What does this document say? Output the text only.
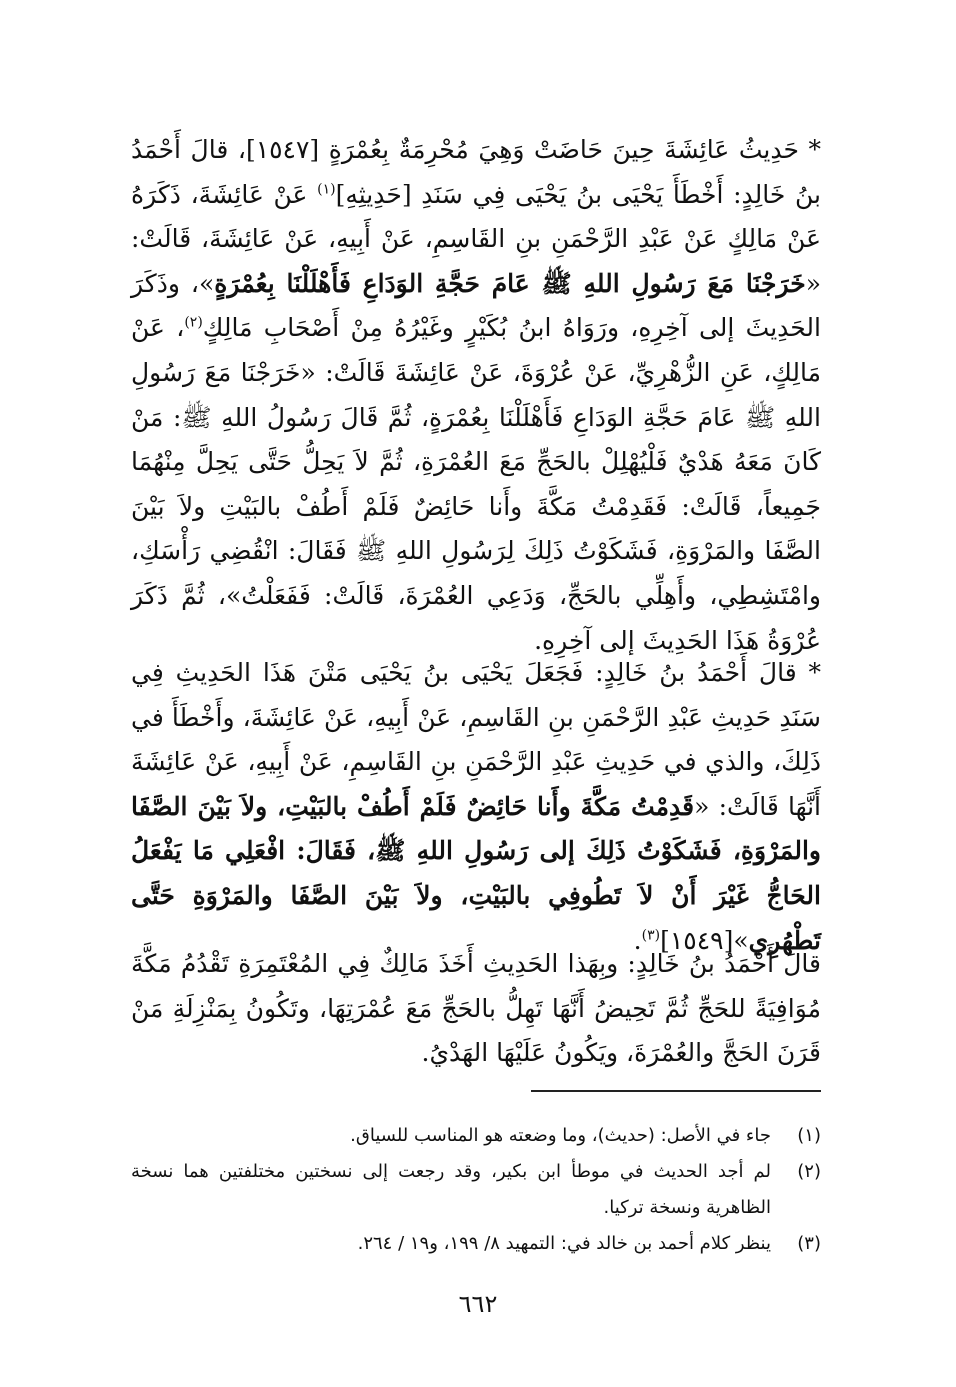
* حَدِيثُ عَائِشَةَ حِينَ حَاضَتْ وَهِيَ مُحْرِمَةٌ بِعُمْرَةٍ [١٥٤٧]، قالَ أَحْمَدُ بنُ خَالِدٍ: أَخْطَأَ يَحْيَى بنُ يَحْيَى فِي سَنَدِ [حَدِيثِهِ]$^{(١)}$ عَنْ عَائِشَةَ، ذَكَرَهُ عَنْ مَالِكٍ عَنْ عَبْدِ الرَّحْمَنِ بنِ القَاسِمِ، عَنْ أَبِيهِ، عَنْ عَائِشَةَ، قَالَتْ: «خَرَجْنَا مَعَ رَسُولِ اللهِ ﷺ عَامَ حَجَّةِ الوَدَاعِ فَأَهْلَلْنَا بِعُمْرَةٍ»، وذَكَرَ الحَدِيثَ إلى آخِرِهِ، ورَوَاهُ ابنُ بُكَيْرٍ وغَيْرُهُ مِنْ أَصْحَابِ مَالِكٍ$^{(٢)}$، عَنْ مَالِكٍ، عَنِ الزُّهْرِيِّ، عَنْ عُرْوَةَ، عَنْ عَائِشَةَ قَالَتْ: «خَرَجْنَا مَعَ رَسُولِ اللهِ ﷺ عَامَ حَجَّةِ الوَدَاعِ فَأَهْلَلْنَا بِعُمْرَةٍ، ثُمَّ قَالَ رَسُولُ اللهِ ﷺ: مَنْ كَانَ مَعَهُ هَدْيٌ فَلْيُهْلِلْ بالحَجِّ مَعَ العُمْرَةِ، ثُمَّ لاَ يَحِلُّ حَتَّى يَحِلَّ مِنْهُمَا جَمِيعاً، قَالَتْ: فَقَدِمْتُ مَكَّةَ وأَنا حَائِضٌ فَلَمْ أَطُفْ بالبَيْتِ ولاَ بَيْنَ الصَّفَا والمَرْوَةِ، فَشَكَوْتُ ذَلِكَ لِرَسُولِ اللهِ ﷺ فَقَالَ: انْقُضِي رَأْسَكِ، وامْتَشِطِي، وأَهِلِّي بالحَجِّ، وَدَعِي العُمْرَةَ، قَالَتْ: فَفَعَلْتُ»، ثُمَّ ذَكَرَ عُرْوَةُ هَذَا الحَدِيثَ إلى آخِرِهِ.

* قالَ أَحْمَدُ بنُ خَالِدٍ: فَجَعَلَ يَحْيَى بنُ يَحْيَى مَتْنَ هَذَا الحَدِيثِ فِي سَنَدِ حَدِيثِ عَبْدِ الرَّحْمَنِ بنِ القَاسِمِ، عَنْ أَبِيهِ، عَنْ عَائِشَةَ، وأَخْطَأَ في ذَلِكَ، والذي في حَدِيثِ عَبْدِ الرَّحْمَنِ بنِ القَاسِمِ، عَنْ أَبِيهِ، عَنْ عَائِشَةَ أَنَّهَا قَالَتْ: «قَدِمْتُ مَكَّةَ وأَنا حَائِضٌ فَلَمْ أَطُفْ بالبَيْتِ، ولاَ بَيْنَ الصَّفَا والمَرْوَةِ، فَشَكَوْتُ ذَلِكَ إلى رَسُولِ اللهِ ﷺ، فَقَالَ: افْعَلِي مَا يَفْعَلُ الحَاجُّ غَيْرَ أَنْ لاَ تَطُوفِي بالبَيْتِ، ولاَ بَيْنَ الصَّفَا والمَرْوَةِ حَتَّى تَطْهُرِي»[١٥٤٩]$^{(٣)}$.

قالَ أَحْمَدُ بنُ خَالِدٍ: وبِهَذا الحَدِيثِ أَخَذَ مَالِكٌ فِي المُعْتَمِرَةِ تَقْدُمُ مَكَّةَ مُوَافِيَةً للحَجِّ ثُمَّ تَحِيضُ أَنَّهَا تَهِلُّ بالحَجِّ مَعَ عُمْرَتِهَا، وتَكُونُ بِمَنْزِلَةِ مَنْ قَرَنَ الحَجَّ والعُمْرَةَ، ويَكُونُ عَلَيْهَا الهَدْيُ.

(١)
جاء في الأصل: (حديث)، وما وضعته هو المناسب للسياق.
(٢)
لم أجد الحديث في موطأ ابن بكير، وقد رجعت إلى نسختين مختلفتين هما نسخة الظاهرية ونسخة تركيا.
(٣)
ينظر كلام أحمد بن خالد في: التمهيد ٨/ ١٩٩، و١٩ / ٢٦٤.
٦٦٢
